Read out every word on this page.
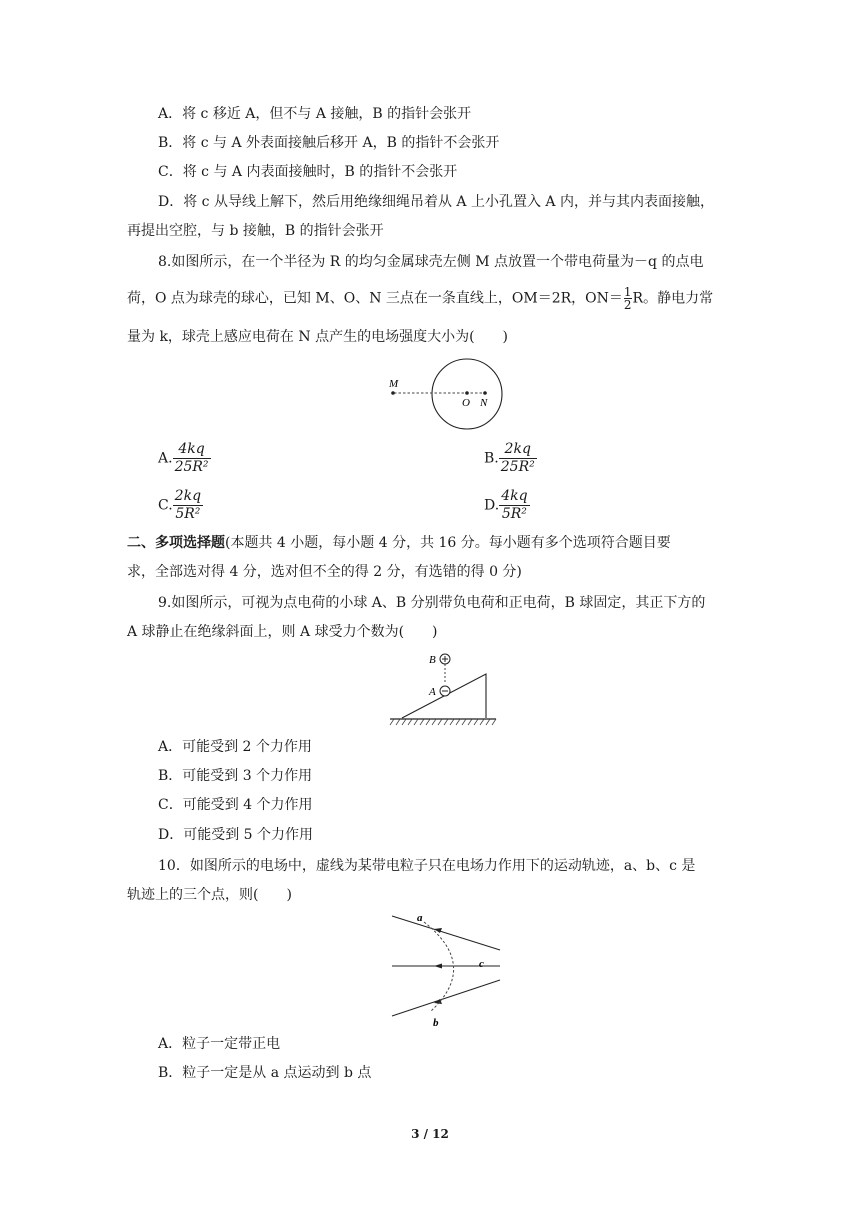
A．将 c 移近 A，但不与 A 接触，B 的指针会张开
B．将 c 与 A 外表面接触后移开 A，B 的指针不会张开
C．将 c 与 A 内表面接触时，B 的指针不会张开
D．将 c 从导线上解下，然后用绝缘细绳吊着从 A 上小孔置入 A 内，并与其内表面接触，
再提出空腔，与 b 接触，B 的指针会张开
8.如图所示，在一个半径为 R 的均匀金属球壳左侧 M 点放置一个带电荷量为－q 的点电
荷，O 点为球壳的球心，已知 M、O、N 三点在一条直线上，OM＝2R，$ON= \frac{1}{2}$ R。静电力常
量为 k，球壳上感应电荷在 N 点产生的电场强度大小为(　　)
M
O N
A. $\frac{4kq}{\text{25R²}}$	B. $\frac{2kq}{\text{25R²}}$
C. $\frac{2kq}{\text{5R²}}$	D. $\frac{4kq}{\text{5R²}}$
二、多项选择题(本题共 4 小题，每小题 4 分，共 16 分。每小题有多个选项符合题目要
求，全部选对得 4 分，选对但不全的得 2 分，有选错的得 0 分)
9.如图所示，可视为点电荷的小球 A、B 分别带负电荷和正电荷，B 球固定，其正下方的
A 球静止在绝缘斜面上，则 A 球受力个数为(　　)
B
A
A．可能受到 2 个力作用
B．可能受到 3 个力作用
C．可能受到 4 个力作用
D．可能受到 5 个力作用
10．如图所示的电场中，虚线为某带电粒子只在电场力作用下的运动轨迹，a、b、c 是
轨迹上的三个点，则(　　)
a
c
b
A．粒子一定带正电
B．粒子一定是从 a 点运动到 b 点
3 / 12
